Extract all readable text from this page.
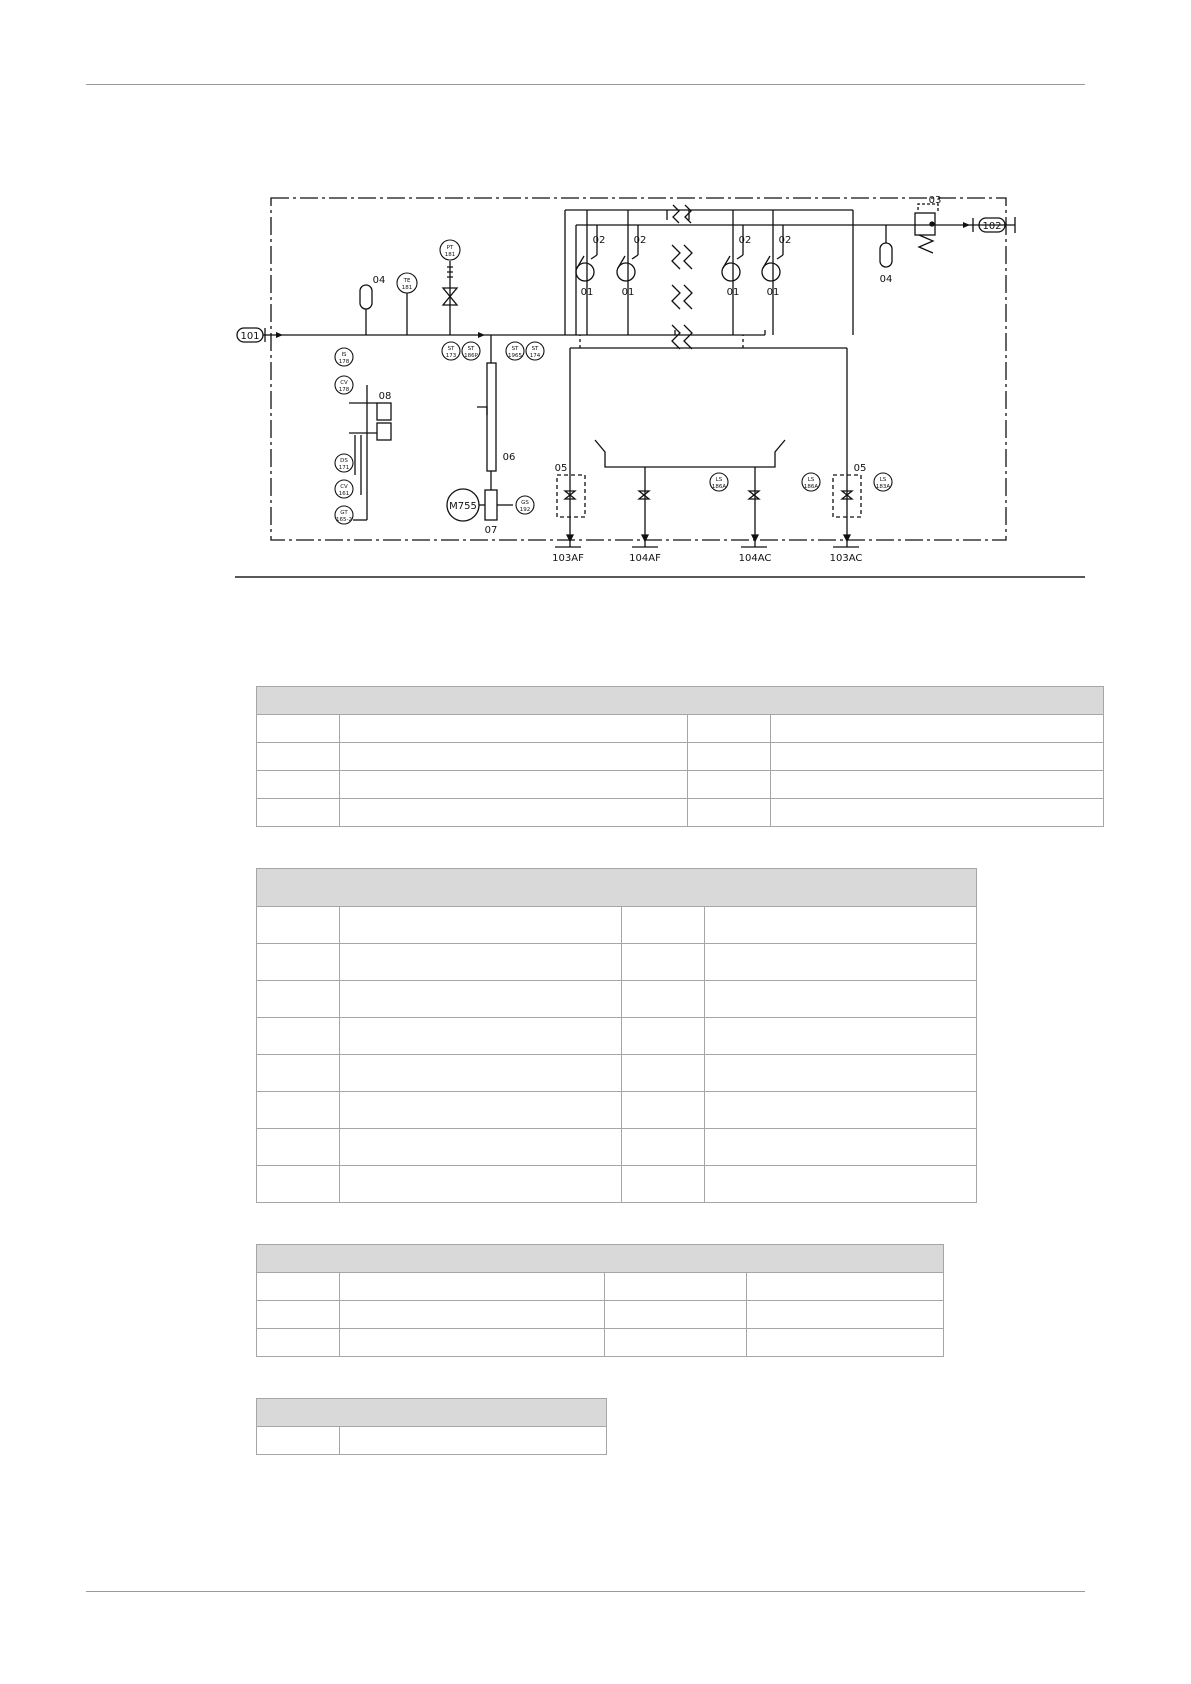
TE
181
PT
181
ST
173
ST
186P
ST
1965
ST
174
IS
178
CV
178
DS
171
CV
161
GT
165-2
GS
192
LS
186A
LS
186A
LS
183A
101
102
103AF	104AF	104AC	103AC
M755
01	01	01	01
02	02	02	02
03
04	04
05	05
06
07
08
